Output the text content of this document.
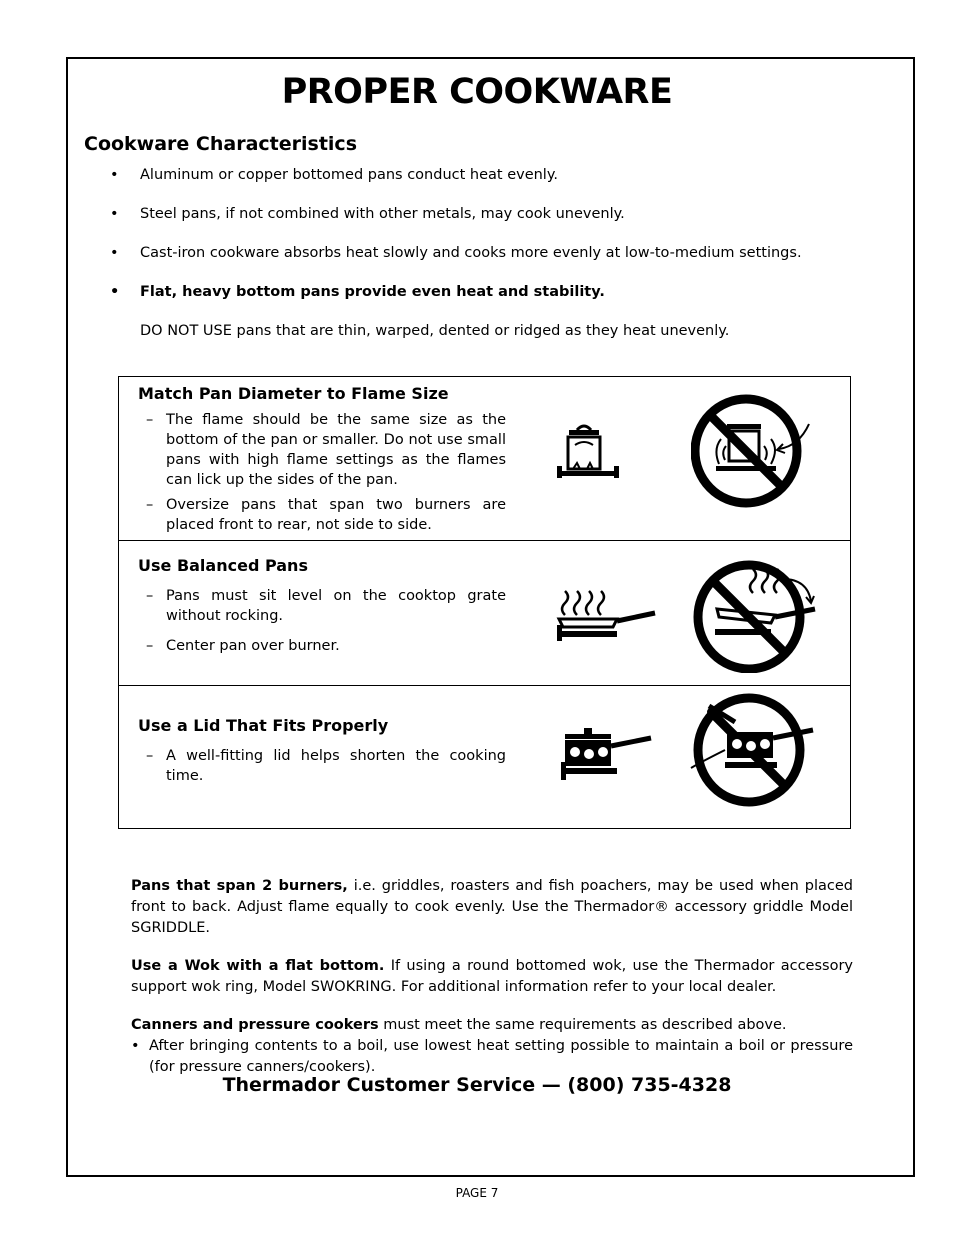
PROPER COOKWARE
Cookware Characteristics
• Aluminum or copper bottomed pans conduct heat evenly.
• Steel pans, if not combined with other metals, may cook unevenly.
• Cast-iron cookware absorbs heat slowly and cooks more evenly at low-to-medium settings.
• Flat, heavy bottom pans provide even heat and stability.
DO NOT USE pans that are thin, warped, dented or ridged as they heat unevenly.
Match Pan Diameter to Flame Size
– The flame should be the same size as the bottom of the pan or smaller. Do not use small pans with high flame settings as the flames can lick up the sides of the pan.
– Oversize pans that span two burners are placed front to rear, not side to side.
Use Balanced Pans
– Pans must sit level on the cooktop grate without rocking.
– Center pan over burner.
Use a Lid That Fits Properly
– A well-fitting lid helps shorten the cooking time.

Pans that span 2 burners, i.e. griddles, roasters and fish poachers, may be used when placed front to back. Adjust flame equally to cook evenly. Use the Thermador® accessory griddle Model SGRIDDLE.

Use a Wok with a flat bottom. If using a round bottomed wok, use the Thermador accessory support wok ring, Model SWOKRING. For additional information refer to your local dealer.

Canners and pressure cookers must meet the same requirements as described above.

• After bringing contents to a boil, use lowest heat setting possible to maintain a boil or pressure (for pressure canners/cookers).

Thermador Customer Service — (800) 735-4328
PAGE 7
